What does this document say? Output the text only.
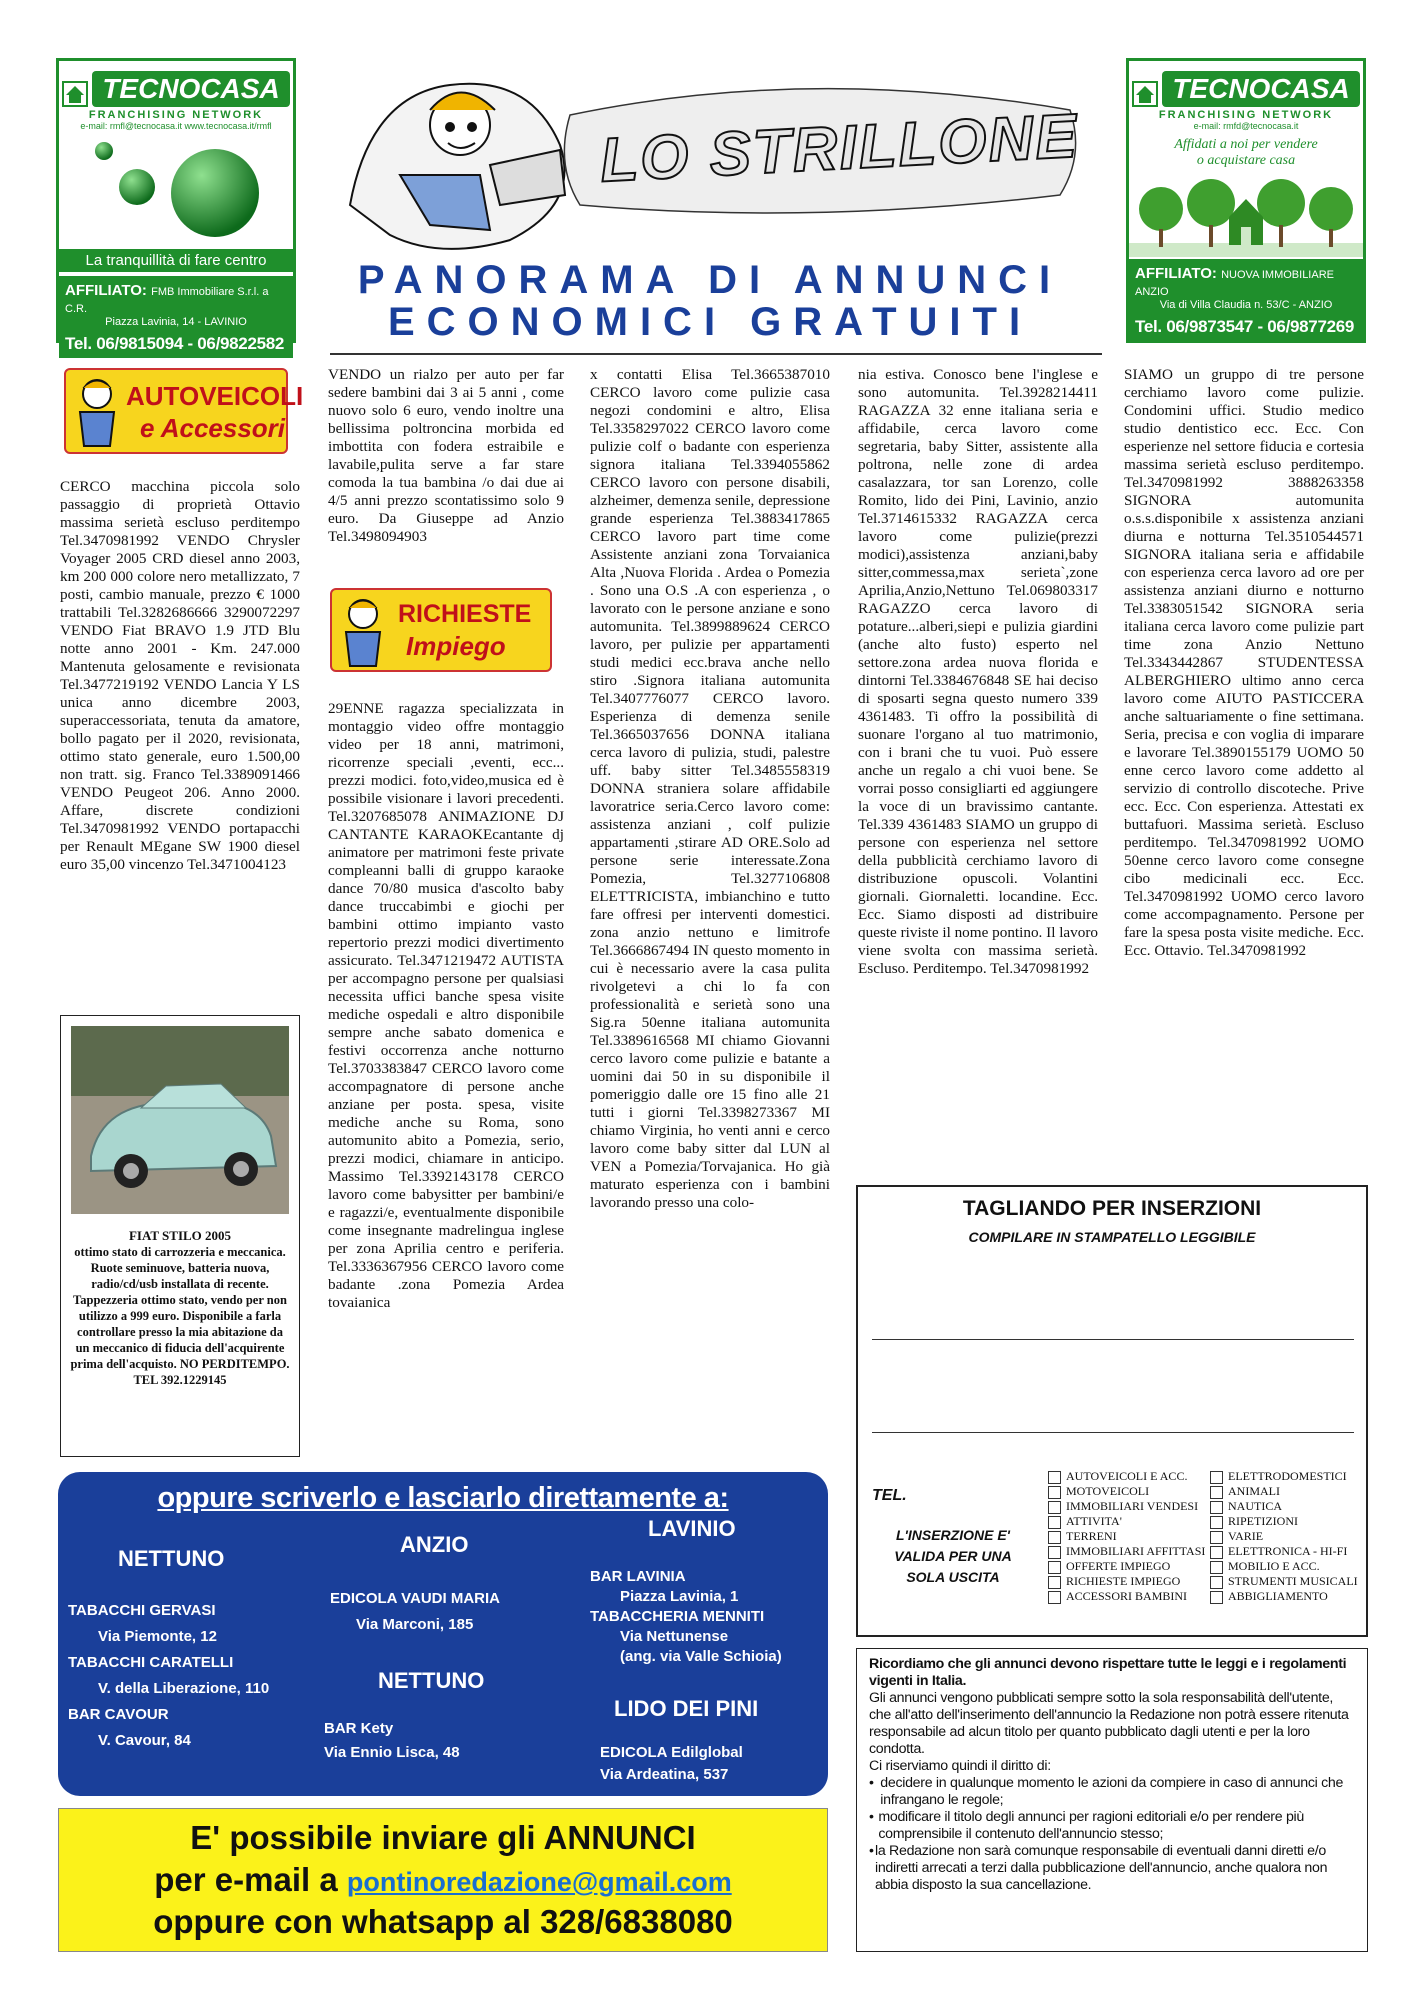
TECNOCASA
FRANCHISING NETWORK
e-mail: rmfl@tecnocasa.it www.tecnocasa.it/rmfl
La tranquillità di fare centro
AFFILIATO: FMB Immobiliare S.r.l. a C.R.
Piazza Lavinia, 14 - LAVINIO
Tel. 06/9815094 - 06/9822582
TECNOCASA
FRANCHISING NETWORK
e-mail: rmfd@tecnocasa.it
Affidati a noi per vendere
o acquistare casa
AFFILIATO: NUOVA IMMOBILIARE ANZIO
Via di Villa Claudia n. 53/C - ANZIO
Tel. 06/9873547 - 06/9877269
LO STRILLONE
PANORAMA DI ANNUNCI
ECONOMICI GRATUITI
AUTOVEICOLI
e Accessori

CERCO macchina piccola solo passaggio di proprietà Ottavio massima serietà escluso perditempo Tel.3470981992 VENDO Chrysler Voyager 2005 CRD diesel anno 2003, km 200 000 colore nero metallizzato, 7 posti, cambio manuale, prezzo € 1000 trattabili Tel.3282686666 3290072297 VENDO Fiat BRAVO 1.9 JTD Blu notte anno 2001 - Km. 247.000 Mantenuta gelosamente e revisionata Tel.3477219192 VENDO Lancia Y LS unica anno dicembre 2003, superaccessoriata, tenuta da amatore, bollo pagato per il 2020, revisionata, ottimo stato generale, euro 1.500,00 non tratt. sig. Franco Tel.3389091466 VENDO Peugeot 206. Anno 2000. Affare, discrete condizioni Tel.3470981992 VENDO portapacchi per Renault MEgane SW 1900 diesel euro 35,00 vincenzo Tel.3471004123

FIAT STILO 2005
ottimo stato di carrozzeria e meccanica. Ruote seminuove, batteria nuova, radio/cd/usb installata di recente. Tappezzeria ottimo stato, vendo per non utilizzo a 999 euro. Disponibile a farla controllare presso la mia abitazione da un meccanico di fiducia dell'acquirente prima dell'acquisto. NO PERDITEMPO.
TEL 392.1229145

VENDO un rialzo per auto per far sedere bambini dai 3 ai 5 anni , come nuovo solo 6 euro, vendo inoltre una bellissima poltroncina morbida ed imbottita con fodera estraibile e lavabile,pulita serve a far stare comoda la tua bambina /o dai due ai 4/5 anni prezzo scontatissimo solo 9 euro. Da Giuseppe ad Anzio Tel.3498094903

RICHIESTE
Impiego

29ENNE ragazza specializzata in montaggio video offre montaggio video per 18 anni, matrimoni, ricorrenze speciali ,eventi, ecc... prezzi modici. foto,video,musica ed è possibile visionare i lavori precedenti. Tel.3207685078 ANIMAZIONE DJ CANTANTE KARAOKEcantante dj animatore per matrimoni feste private compleanni balli di gruppo karaoke dance 70/80 musica d'ascolto baby dance truccabimbi e giochi per bambini ottimo impianto vasto repertorio prezzi modici divertimento assicurato. Tel.3471219472 AUTISTA per accompagno persone per qualsiasi necessita uffici banche spesa visite mediche ospedali e altro disponibile sempre anche sabato domenica e festivi occorrenza anche notturno Tel.3703383847 CERCO lavoro come accompagnatore di persone anche anziane per posta. spesa, visite mediche anche su Roma, sono automunito abito a Pomezia, serio, prezzi modici, chiamare in anticipo. Massimo Tel.3392143178 CERCO lavoro come babysitter per bambini/e e ragazzi/e, eventualmente disponibile come insegnante madrelingua inglese per zona Aprilia centro e periferia. Tel.3336367956 CERCO lavoro come badante .zona Pomezia Ardea tovaianica

x contatti Elisa Tel.3665387010 CERCO lavoro come pulizie casa negozi condomini e altro, Elisa Tel.3358297022 CERCO lavoro come pulizie colf o badante con esperienza signora italiana Tel.3394055862 CERCO lavoro con persone disabili, alzheimer, demenza senile, depressione grande esperienza Tel.3883417865 CERCO lavoro part time come Assistente anziani zona Torvaianica Alta ,Nuova Florida . Ardea o Pomezia . Sono una O.S .A con esperienza , o lavorato con le persone anziane e sono automunita. Tel.3899889624 CERCO lavoro, per pulizie per appartamenti studi medici ecc.brava anche nello stiro .Signora italiana automunita Tel.3407776077 CERCO lavoro. Esperienza di demenza senile Tel.3665037656 DONNA italiana cerca lavoro di pulizia, studi, palestre uff. baby sitter Tel.3485558319 DONNA straniera solare affidabile lavoratrice seria.Cerco lavoro come: assistenza anziani , colf pulizie appartamenti ,stirare AD ORE.Solo ad persone serie interessate.Zona Pomezia, Tel.3277106808 ELETTRICISTA, imbianchino e tutto fare offresi per interventi domestici. zona anzio nettuno e limitrofe Tel.3666867494 IN questo momento in cui è necessario avere la casa pulita rivolgetevi a chi lo fa con professionalità e serietà sono una Sig.ra 50enne italiana automunita Tel.3389616568 MI chiamo Giovanni cerco lavoro come pulizie e batante a uomini dai 50 in su disponibile il pomeriggio dalle ore 15 fino alle 21 tutti i giorni Tel.3398273367 MI chiamo Virginia, ho venti anni e cerco lavoro come baby sitter dal LUN al VEN a Pomezia/Torvajanica. Ho già maturato esperienza con i bambini lavorando presso una colo-

nia estiva. Conosco bene l'inglese e sono automunita. Tel.3928214411 RAGAZZA 32 enne italiana seria e affidabile, cerca lavoro come segretaria, baby Sitter, assistente alla poltrona, nelle zone di ardea casalazzara, tor san Lorenzo, colle Romito, lido dei Pini, Lavinio, anzio Tel.3714615332 RAGAZZA cerca lavoro come pulizie(prezzi modici),assistenza anziani,baby sitter,commessa,max serieta`,zone Aprilia,Anzio,Nettuno Tel.069803317 RAGAZZO cerca lavoro di potature...alberi,siepi e pulizia giardini (anche alto fusto) esperto nel settore.zona ardea nuova florida e dintorni Tel.3384676848 SE hai deciso di sposarti segna questo numero 339 4361483. Ti offro la possibilità di suonare l'organo al tuo matrimonio, con i brani che tu vuoi. Può essere anche un regalo a chi vuoi bene. Se vorrai posso consigliarti ed aggiungere la voce di un bravissimo cantante. Tel.339 4361483 SIAMO un gruppo di persone con esperienza nel settore della pubblicità cerchiamo lavoro di distribuzione opuscoli. Volantini giornali. Giornaletti. locandine. Ecc. Ecc. Siamo disposti ad distribuire queste riviste il nome pontino. Il lavoro viene svolta con massima serietà. Escluso. Perditempo. Tel.3470981992

SIAMO un gruppo di tre persone cerchiamo lavoro come pulizie. Condomini uffici. Studio medico studio dentistico ecc. Ecc. Con esperienze nel settore fiducia e cortesia massima serietà escluso perditempo. Tel.3470981992 3888263358 SIGNORA automunita o.s.s.disponibile x assistenza anziani diurna e notturna Tel.3510544571 SIGNORA italiana seria e affidabile con esperienza cerca lavoro ad ore per assistenza anziani diurno e notturno Tel.3383051542 SIGNORA seria italiana cerca lavoro come pulizie part time zona Anzio Nettuno Tel.3343442867 STUDENTESSA ALBERGHIERO ultimo anno cerca lavoro come AIUTO PASTICCERA anche saltuariamente o fine settimana. Seria, precisa e con voglia di imparare e lavorare Tel.3890155179 UOMO 50 enne cerco lavoro come addetto al servizio di controllo discoteche. Prive ecc. Ecc. Con esperienza. Attestati ex buttafuori. Massima serietà. Escluso perditempo. Tel.3470981992 UOMO 50enne cerco lavoro come consegne cibo medicinali ecc. Ecc. Tel.3470981992 UOMO cerco lavoro come accompagnamento. Persone per fare la spesa posta visite mediche. Ecc. Ecc. Ottavio. Tel.3470981992

TAGLIANDO PER INSERZIONI
COMPILARE IN STAMPATELLO LEGGIBILE
TEL.
L'INSERZIONE E' VALIDA PER UNA SOLA USCITA
AUTOVEICOLI E ACC.
MOTOVEICOLI
IMMOBILIARI VENDESI
ATTIVITA'
TERRENI
IMMOBILIARI AFFITTASI
OFFERTE IMPIEGO
RICHIESTE IMPIEGO
ACCESSORI BAMBINI
ELETTRODOMESTICI
ANIMALI
NAUTICA
RIPETIZIONI
VARIE
ELETTRONICA - HI-FI
MOBILIO E ACC.
STRUMENTI MUSICALI
ABBIGLIAMENTO
oppure scriverlo e lasciarlo direttamente a:
NETTUNO
TABACCHI GERVASI
Via Piemonte, 12
TABACCHI CARATELLI
V. della Liberazione, 110
BAR CAVOUR
V. Cavour, 84
ANZIO
EDICOLA VAUDI MARIA
Via Marconi, 185
NETTUNO
BAR Kety
Via Ennio Lisca, 48
LAVINIO
BAR LAVINIA
Piazza Lavinia, 1
TABACCHERIA MENNITI
Via Nettunense
(ang. via Valle Schioia)
LIDO DEI PINI
EDICOLA Edilglobal
Via Ardeatina, 537
E' possibile inviare gli ANNUNCI
per e-mail a pontinoredazione@gmail.com
oppure con whatsapp al 328/6838080
Ricordiamo che gli annunci devono rispettare tutte le leggi e i regolamenti vigenti in Italia.
Gli annunci vengono pubblicati sempre sotto la sola responsabilità dell'utente, che all'atto dell'inserimento dell'annuncio la Redazione non potrà essere ritenuta responsabile ad alcun titolo per quanto pubblicato dagli utenti e per la loro condotta.
Ci riserviamo quindi il diritto di:
• decidere in qualunque momento le azioni da compiere in caso di annunci che infrangano le regole;
• modificare il titolo degli annunci per ragioni editoriali e/o per rendere più comprensibile il contenuto dell'annuncio stesso;
• la Redazione non sarà comunque responsabile di eventuali danni diretti e/o indiretti arrecati a terzi dalla pubblicazione dell'annuncio, anche qualora non abbia disposto la sua cancellazione.
